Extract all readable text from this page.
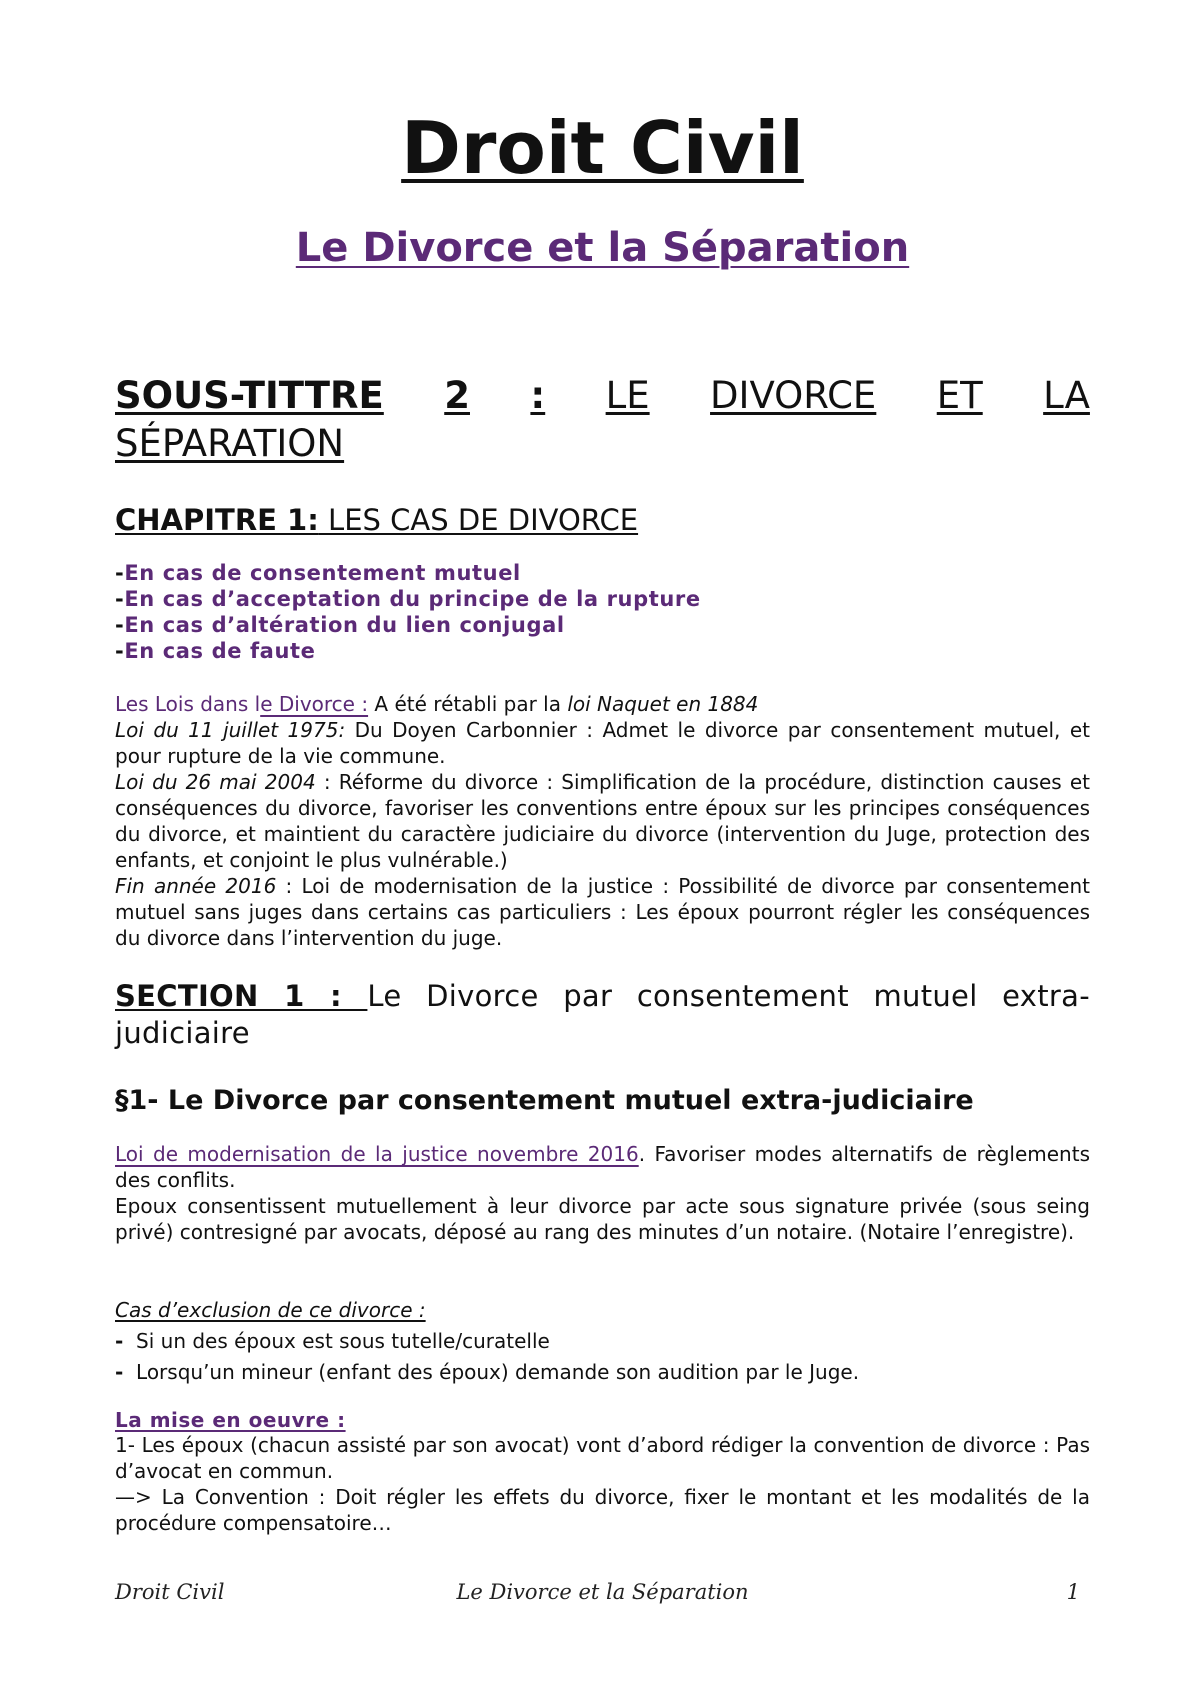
Droit Civil
Le Divorce et la Séparation
SOUS-TITTRE 2 : LE DIVORCE ET LA
SÉPARATION
CHAPITRE 1: LES CAS DE DIVORCE
-En cas de consentement mutuel
-En cas d’acceptation du principe de la rupture
-En cas d’altération du lien conjugal
-En cas de faute

Les Lois dans le Divorce : A été rétabli par la loi Naquet en 1884

Loi du 11 juillet 1975: Du Doyen Carbonnier : Admet le divorce par consentement mutuel, et pour rupture de la vie commune.

Loi du 26 mai 2004 : Réforme du divorce : Simplification de la procédure, distinction causes et conséquences du divorce, favoriser les conventions entre époux sur les principes conséquences du divorce, et maintient du caractère judiciaire du divorce (intervention du Juge, protection des enfants, et conjoint le plus vulnérable.)

Fin année 2016 : Loi de modernisation de la justice : Possibilité de divorce par consentement mutuel sans juges dans certains cas particuliers : Les époux pourront régler les conséquences du divorce dans l’intervention du juge.

SECTION 1 : Le Divorce par consentement mutuel extra-judiciaire
§1- Le Divorce par consentement mutuel extra-judiciaire

Loi de modernisation de la justice novembre 2016. Favoriser modes alternatifs de règlements des conflits.

Epoux consentissent mutuellement à leur divorce par acte sous signature privée (sous seing privé) contresigné par avocats, déposé au rang des minutes d’un notaire. (Notaire l’enregistre).

Cas d’exclusion de ce divorce :
- Si un des époux est sous tutelle/curatelle
- Lorsqu’un mineur (enfant des époux) demande son audition par le Juge.
La mise en oeuvre :

1- Les époux (chacun assisté par son avocat) vont d’abord rédiger la convention de divorce : Pas d’avocat en commun.

—> La Convention : Doit régler les effets du divorce, fixer le montant et les modalités de la procédure compensatoire…

Droit Civil	Le Divorce et la Séparation	1
